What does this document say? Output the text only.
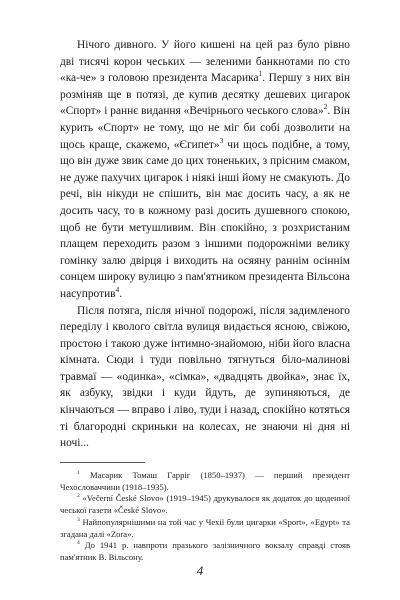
Нічого дивного. У його кишені на цей раз було рівно дві тисячі корон чеських — зеленими банкнотами по сто «ка-че» з головою президента Масарика$^1$. Першу з них він розміняв ще в потязі, де купив десятку дешевих цигарок «Спорт» і раннє видання «Вечірнього чеського слова»$^2$. Він курить «Спорт» не тому, що не міг би собі дозволити на щось краще, скажемо, «Єгипет»$^3$ чи щось подібне, а тому, що він дуже звик саме до цих тоненьких, з прісним смаком, не дуже пахучих цигарок і ніякі інші йому не смакують. До речі, він нікуди не спішить, він має досить часу, а як не досить часу, то в кожному разі досить душевного спокою, щоб не бути метушливим. Він спокійно, з розхристаним плащем переходить разом з іншими подорожніми велику гомінку залю двірця і виходить на осяяну раннім осіннім сонцем широку вулицю з пам'ятником президента Вільсона насупротив$^4$.

Після потяга, після нічної подорожі, після задимленого переділу і кволого світла вулиця видається ясною, свіжою, простою і такою дуже інтимно-знайомою, ніби його власна кімната. Сюди і туди повільно тягнуться біло-малинові травмаї — «одинка», «сімка», «двадцять двойка», знає їх, як азбуку, звідки і куди йдуть, де зупиняються, де кінчаються — вправо і ліво, туди і назад, спокійно котяться ті благородні скриньки на колесах, не знаючи ні дня ні ночі...

$^1$ Масарик Томаш Гарріг (1850–1937) — перший президент Чехословаччини (1918–1935).

$^2$ «Večerní České Slovo» (1919–1945) друкувалося як додаток до щоденної чеської газети «České Slovo».

$^3$ Найпопулярнішими на той час у Чехії були цигарки «Sport», «Egypt» та згадана далі «Zora».

$^4$ До 1941 р. навпроти празького залізничного вокзалу справді стояв пам'ятник В. Вільсону.

4
